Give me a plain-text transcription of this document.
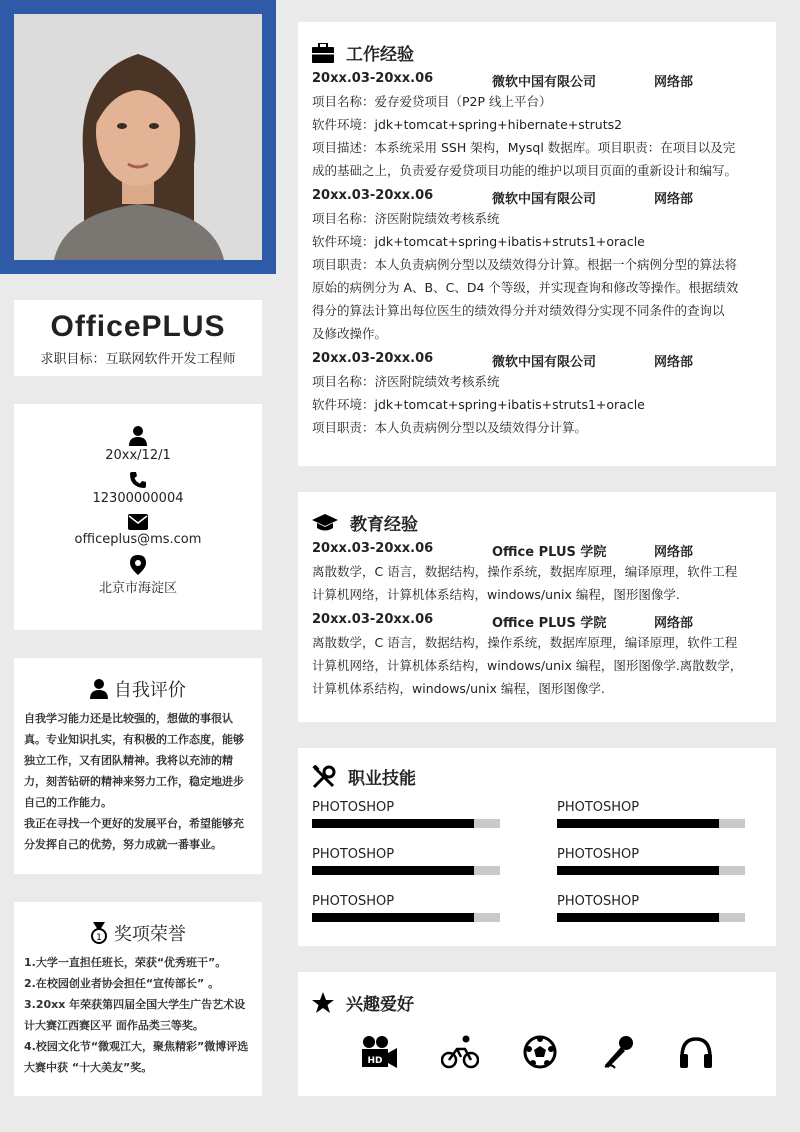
OfficePLUS
求职目标：互联网软件开发工程师
20xx/12/1
12300000004
officeplus@ms.com
北京市海淀区
自我评价

自我学习能力还是比较强的，想做的事很认真。专业知识扎实，有积极的工作态度，能够独立工作，又有团队精神。我将以充沛的精力，刻苦钻研的精神来努力工作，稳定地进步自己的工作能力。

我正在寻找一个更好的发展平台，希望能够充分发挥自己的优势，努力成就一番事业。

1 奖项荣誉

1.大学一直担任班长，荣获“优秀班干”。

2.在校园创业者协会担任“宣传部长” 。

3.20xx 年荣获第四届全国大学生广告艺术设计大赛江西赛区平 面作品类三等奖。

4.校园文化节“微观江大，聚焦精彩”微博评选大赛中获 “十大美友”奖。

工作经验
20xx.03-20xx.06	微软中国有限公司	网络部
项目名称：爱存爱贷项目（P2P 线上平台）
软件环境：jdk+tomcat+spring+hibernate+struts2
项目描述：本系统采用 SSH 架构，Mysql 数据库。项目职责：在项目以及完
成的基础之上，负责爱存爱贷项目功能的维护以项目页面的重新设计和编写。
20xx.03-20xx.06	微软中国有限公司	网络部
项目名称：济医附院绩效考核系统
软件环境：jdk+tomcat+spring+ibatis+struts1+oracle
项目职责：本人负责病例分型以及绩效得分计算。根据一个病例分型的算法将
原始的病例分为 A、B、C、D4 个等级，并实现查询和修改等操作。根据绩效
得分的算法计算出每位医生的绩效得分并对绩效得分实现不同条件的查询以
及修改操作。
20xx.03-20xx.06	微软中国有限公司	网络部
项目名称：济医附院绩效考核系统
软件环境：jdk+tomcat+spring+ibatis+struts1+oracle
项目职责：本人负责病例分型以及绩效得分计算。
教育经验
20xx.03-20xx.06	Office PLUS 学院	网络部
离散数学，C 语言，数据结构，操作系统，数据库原理，编译原理，软件工程
计算机网络，计算机体系结构，windows/unix 编程，图形图像学.
20xx.03-20xx.06	Office PLUS 学院	网络部
离散数学，C 语言，数据结构，操作系统，数据库原理，编译原理，软件工程
计算机网络，计算机体系结构，windows/unix 编程，图形图像学.离散数学，
计算机体系结构，windows/unix 编程，图形图像学.
职业技能
PHOTOSHOP
PHOTOSHOP
PHOTOSHOP
PHOTOSHOP
PHOTOSHOP
PHOTOSHOP
兴趣爱好
HD
